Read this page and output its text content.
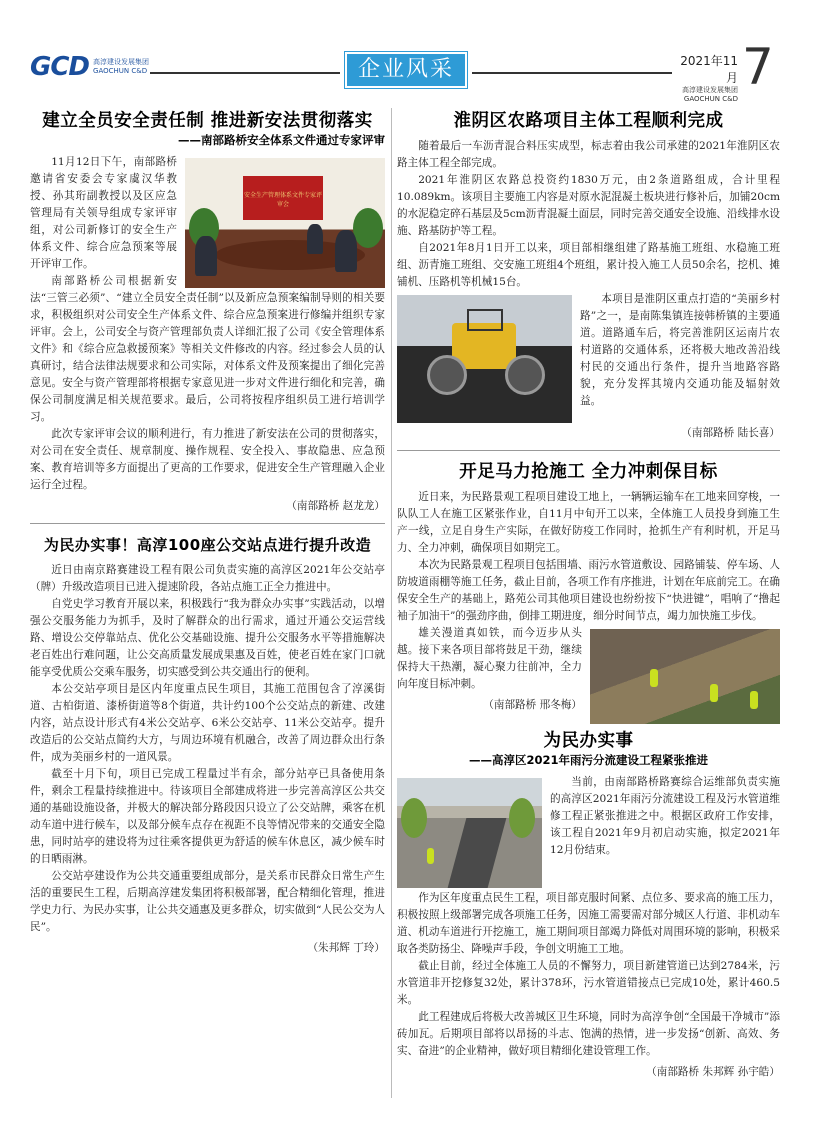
GCD 高淳建设发展集团
GAOCHUN C&D	企业风采	2021年11月
高淳建设发展集团
GAOCHUN C&D
7
建立全员安全责任制 推进新安法贯彻落实
——南部路桥安全体系文件通过专家评审
安全生产管理体系文件专家评审会

11月12日下午，南部路桥邀请省安委会专家虞汉华教授、孙其珩副教授以及区应急管理局有关领导组成专家评审组，对公司新修订的安全生产体系文件、综合应急预案等展开评审工作。

南部路桥公司根据新安法“三管三必须”、“建立全员安全责任制”以及新应急预案编制导则的相关要求，积极组织对公司安全生产体系文件、综合应急预案进行修编并组织专家评审。会上，公司安全与资产管理部负责人详细汇报了公司《安全管理体系文件》和《综合应急救援预案》等相关文件修改的内容。经过参会人员的认真研讨，结合法律法规要求和公司实际，对体系文件及预案提出了细化完善意见。安全与资产管理部将根据专家意见进一步对文件进行细化和完善，确保公司制度满足相关规范要求。最后，公司将按程序组织员工进行培训学习。

此次专家评审会议的顺利进行，有力推进了新安法在公司的贯彻落实，对公司在安全责任、规章制度、操作规程、安全投入、事故隐患、应急预案、教育培训等多方面提出了更高的工作要求，促进安全生产管理融入企业运行全过程。

（南部路桥 赵龙龙）

为民办实事！高淳100座公交站点进行提升改造

近日由南京路赛建设工程有限公司负责实施的高淳区2021年公交站亭（牌）升级改造项目已进入提速阶段，各站点施工正全力推进中。

自党史学习教育开展以来，积极践行“我为群众办实事”实践活动，以增强公交服务能力为抓手，及时了解群众的出行需求，通过开通公交运营线路、增设公交停靠站点、优化公交基础设施、提升公交服务水平等措施解决老百姓出行难问题，让公交高质量发展成果惠及百姓，使老百姓在家门口就能享受优质公交乘车服务，切实感受到公共交通出行的便利。

本公交站亭项目是区内年度重点民生项目，其施工范围包含了淳溪街道、古柏街道、漆桥街道等8个街道，共计约100个公交站点的新建、改建内容，站点设计形式有4米公交站亭、6米公交站亭、11米公交站亭。提升改造后的公交站点简约大方，与周边环境有机融合，改善了周边群众出行条件，成为美丽乡村的一道风景。

截至十月下旬，项目已完成工程量过半有余，部分站亭已具备使用条件，剩余工程量持续推进中。待该项目全部建成将进一步完善高淳区公共交通的基础设施设备，并极大的解决部分路段因只设立了公交站牌，乘客在机动车道中进行候车，以及部分候车点存在视距不良等情况带来的交通安全隐患，同时站亭的建设将为过往乘客提供更为舒适的候车休息区，减少候车时的日晒雨淋。

公交站亭建设作为公共交通重要组成部分，是关系市民群众日常生产生活的重要民生工程，后期高淳建发集团将积极部署，配合精细化管理，推进学史力行、为民办实事，让公共交通惠及更多群众，切实做到“人民公交为人民”。

（朱邦辉 丁玲）

淮阴区农路项目主体工程顺利完成

随着最后一车沥青混合料压实成型，标志着由我公司承建的2021年淮阴区农路主体工程全部完成。

2021年淮阴区农路总投资约1830万元，由2条道路组成，合计里程10.089km。该项目主要施工内容是对原水泥混凝土板块进行修补后，加铺20cm的水泥稳定碎石基层及5cm沥青混凝土面层，同时完善交通安全设施、沿线排水设施、路基防护等工程。

自2021年8月1日开工以来，项目部相继组建了路基施工班组、水稳施工班组、沥青施工班组、交安施工班组4个班组，累计投入施工人员50余名，挖机、摊铺机、压路机等机械15台。

本项目是淮阴区重点打造的“美丽乡村路”之一，是南陈集镇连接韩桥镇的主要通道。道路通车后，将完善淮阴区运南片农村道路的交通体系，还将极大地改善沿线村民的交通出行条件，提升当地路容路貌，充分发挥其境内交通功能及辐射效益。

（南部路桥 陆长喜）

开足马力抢施工 全力冲刺保目标

近日来，为民路景观工程项目建设工地上，一辆辆运输车在工地来回穿梭，一队队工人在施工区紧张作业，自11月中旬开工以来，全体施工人员投身到施工生产一线，立足自身生产实际，在做好防疫工作同时，抢抓生产有利时机，开足马力、全力冲刺，确保项目如期完工。

本次为民路景观工程项目包括围墙、雨污水管道敷设、园路铺装、停车场、人防坡道雨棚等施工任务，截止目前，各项工作有序推进，计划在年底前完工。在确保安全生产的基础上，路苑公司其他项目建设也纷纷按下“快进键”，唱响了“撸起袖子加油干”的强劲序曲，倒排工期进度，细分时间节点，竭力加快施工步伐。

雄关漫道真如铁，而今迈步从头越。接下来各项目部将鼓足干劲，继续保持大干热潮，凝心聚力往前冲，全力向年度目标冲刺。

（南部路桥 邢冬梅）

为民办实事
——高淳区2021年雨污分流建设工程紧张推进

当前，由南部路桥路赛综合运维部负责实施的高淳区2021年雨污分流建设工程及污水管道维修工程正紧张推进之中。根据区政府工作安排，该工程自2021年9月初启动实施，拟定2021年12月份结束。

作为区年度重点民生工程，项目部克服时间紧、点位多、要求高的施工压力，积极按照上级部署完成各项施工任务，因施工需要需对部分城区人行道、非机动车道、机动车道进行开挖施工，施工期间项目部竭力降低对周围环境的影响，积极采取各类防扬尘、降噪声手段，争创文明施工工地。

截止目前，经过全体施工人员的不懈努力，项目新建管道已达到2784米，污水管道非开挖修复32处，累计378环，污水管道错接点已完成10处，累计460.5米。

此工程建成后将极大改善城区卫生环境，同时为高淳争创“全国最干净城市”添砖加瓦。后期项目部将以昂扬的斗志、饱满的热情，进一步发扬“创新、高效、务实、奋进”的企业精神，做好项目精细化建设管理工作。

（南部路桥 朱邦辉 孙宇皓）
